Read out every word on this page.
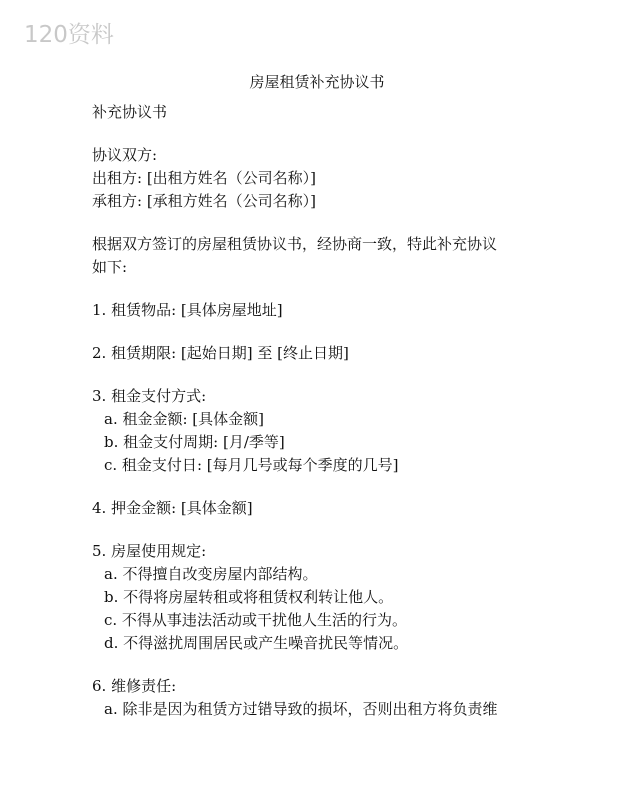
120资料
房屋租赁补充协议书
补充协议书
协议双方:
出租方: [出租方姓名（公司名称）]
承租方: [承租方姓名（公司名称）]
根据双方签订的房屋租赁协议书，经协商一致，特此补充协议
如下:
1. 租赁物品: [具体房屋地址]
2. 租赁期限: [起始日期] 至 [终止日期]
3. 租金支付方式:
a. 租金金额: [具体金额]
b. 租金支付周期: [月/季等]
c. 租金支付日: [每月几号或每个季度的几号]
4. 押金金额: [具体金额]
5. 房屋使用规定:
a. 不得擅自改变房屋内部结构。
b. 不得将房屋转租或将租赁权利转让他人。
c. 不得从事违法活动或干扰他人生活的行为。
d. 不得滋扰周围居民或产生噪音扰民等情况。
6. 维修责任:
a. 除非是因为租赁方过错导致的损坏，否则出租方将负责维
